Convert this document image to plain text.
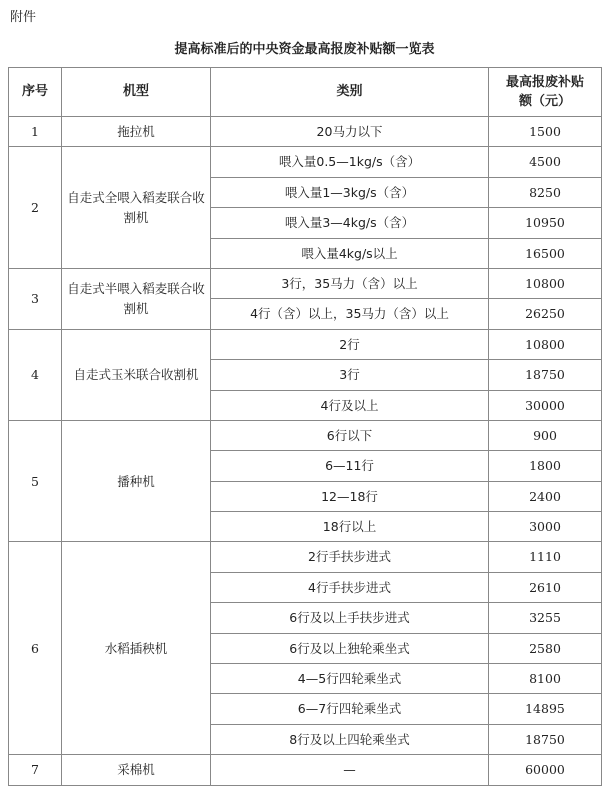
附件
提高标准后的中央资金最高报废补贴额一览表
序号	机型	类别	最高报废补贴额（元）
1	拖拉机	20马力以下	1500
2	自走式全喂入稻麦联合收割机	喂入量0.5—1kg/s（含）	4500
		喂入量1—3kg/s（含）	8250
		喂入量3—4kg/s（含）	10950
		喂入量4kg/s以上	16500
3	自走式半喂入稻麦联合收割机	3行，35马力（含）以上	10800
		4行（含）以上，35马力（含）以上	26250
4	自走式玉米联合收割机	2行	10800
		3行	18750
		4行及以上	30000
5	播种机	6行以下	900
		6—11行	1800
		12—18行	2400
		18行以上	3000
6	水稻插秧机	2行手扶步进式	1110
		4行手扶步进式	2610
		6行及以上手扶步进式	3255
		6行及以上独轮乘坐式	2580
		4—5行四轮乘坐式	8100
		6—7行四轮乘坐式	14895
		8行及以上四轮乘坐式	18750
7	采棉机	—	60000
